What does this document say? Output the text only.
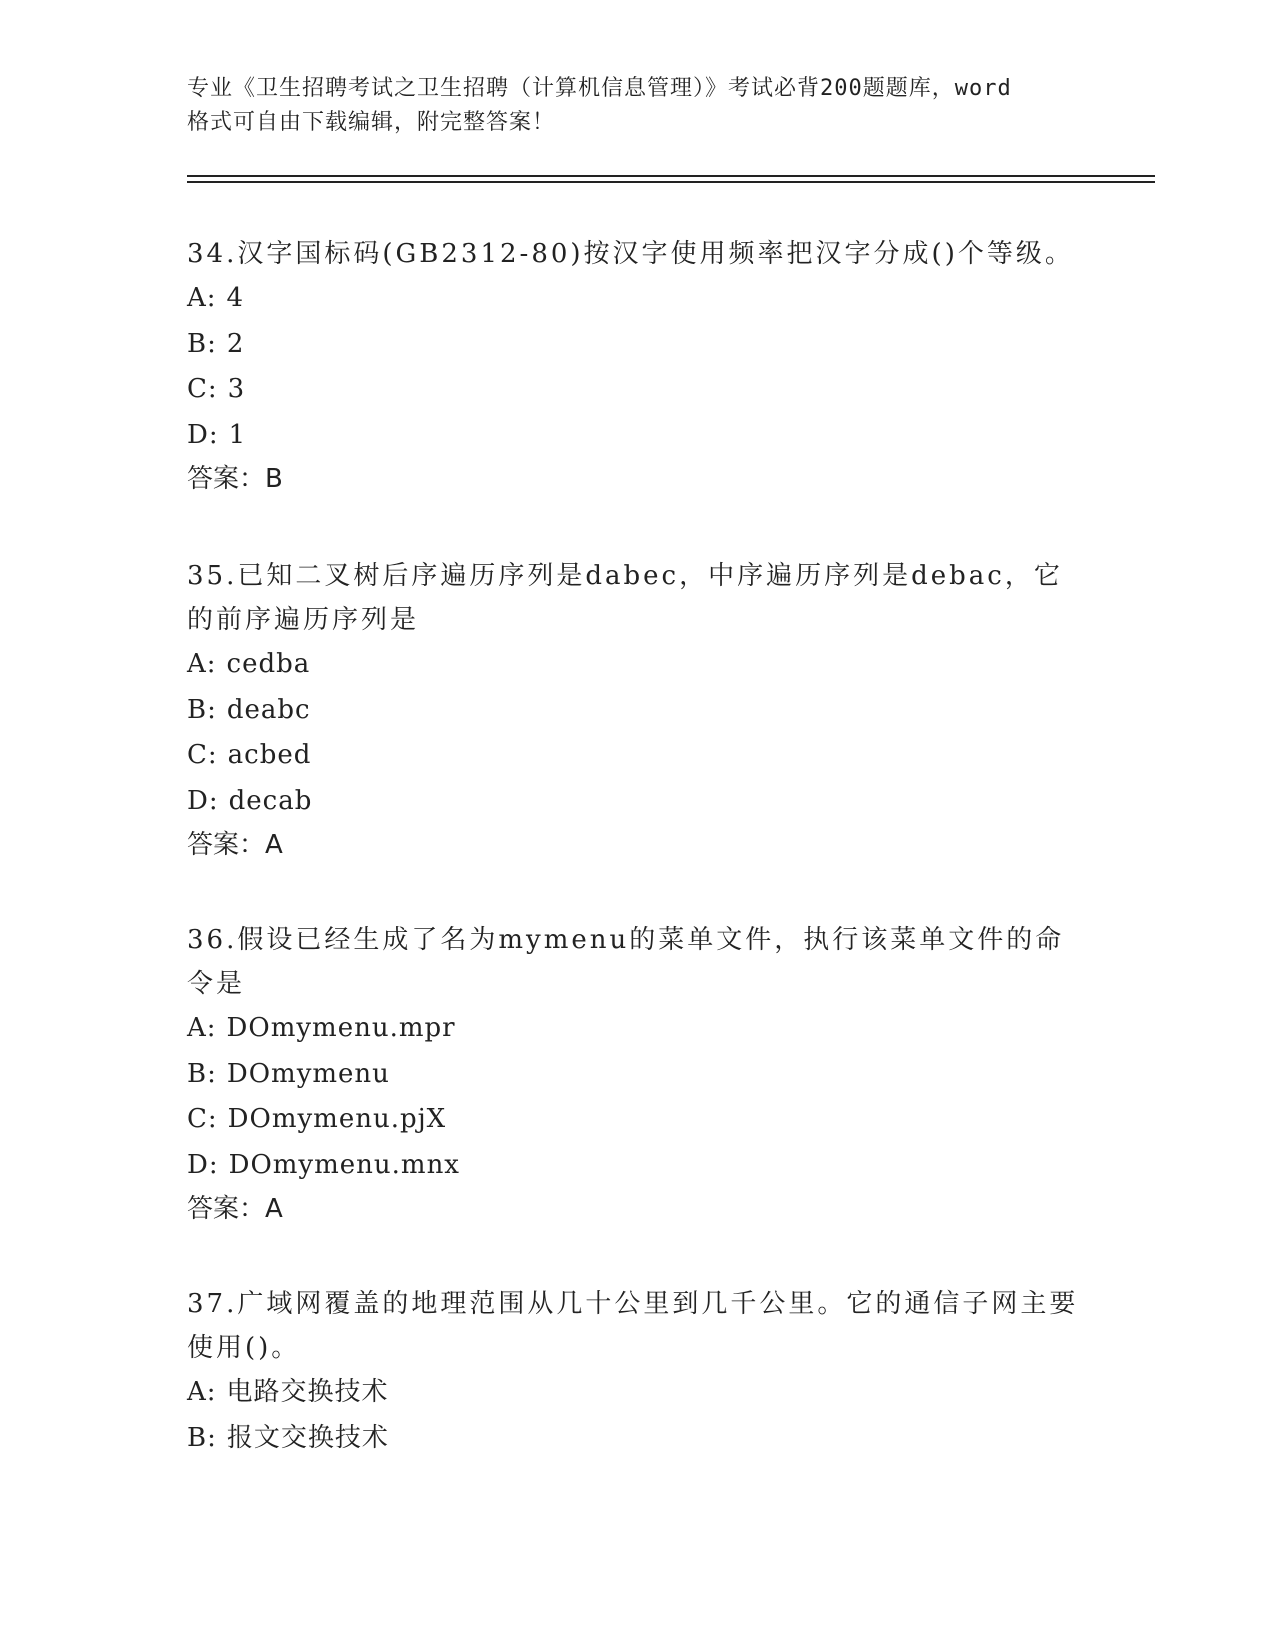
专业《卫生招聘考试之卫生招聘（计算机信息管理）》考试必背200题题库，word
格式可自由下载编辑，附完整答案！

34.汉字国标码(GB2312-80)按汉字使用频率把汉字分成()个等级。

A: 4

B: 2

C: 3

D: 1

答案：B

35.已知二叉树后序遍历序列是dabec，中序遍历序列是debac，它的前序遍历序列是

A: cedba

B: deabc

C: acbed

D: decab

答案：A

36.假设已经生成了名为mymenu的菜单文件，执行该菜单文件的命令是

A: DOmymenu.mpr

B: DOmymenu

C: DOmymenu.pjX

D: DOmymenu.mnx

答案：A

37.广域网覆盖的地理范围从几十公里到几千公里。它的通信子网主要使用()。

A: 电路交换技术

B: 报文交换技术
